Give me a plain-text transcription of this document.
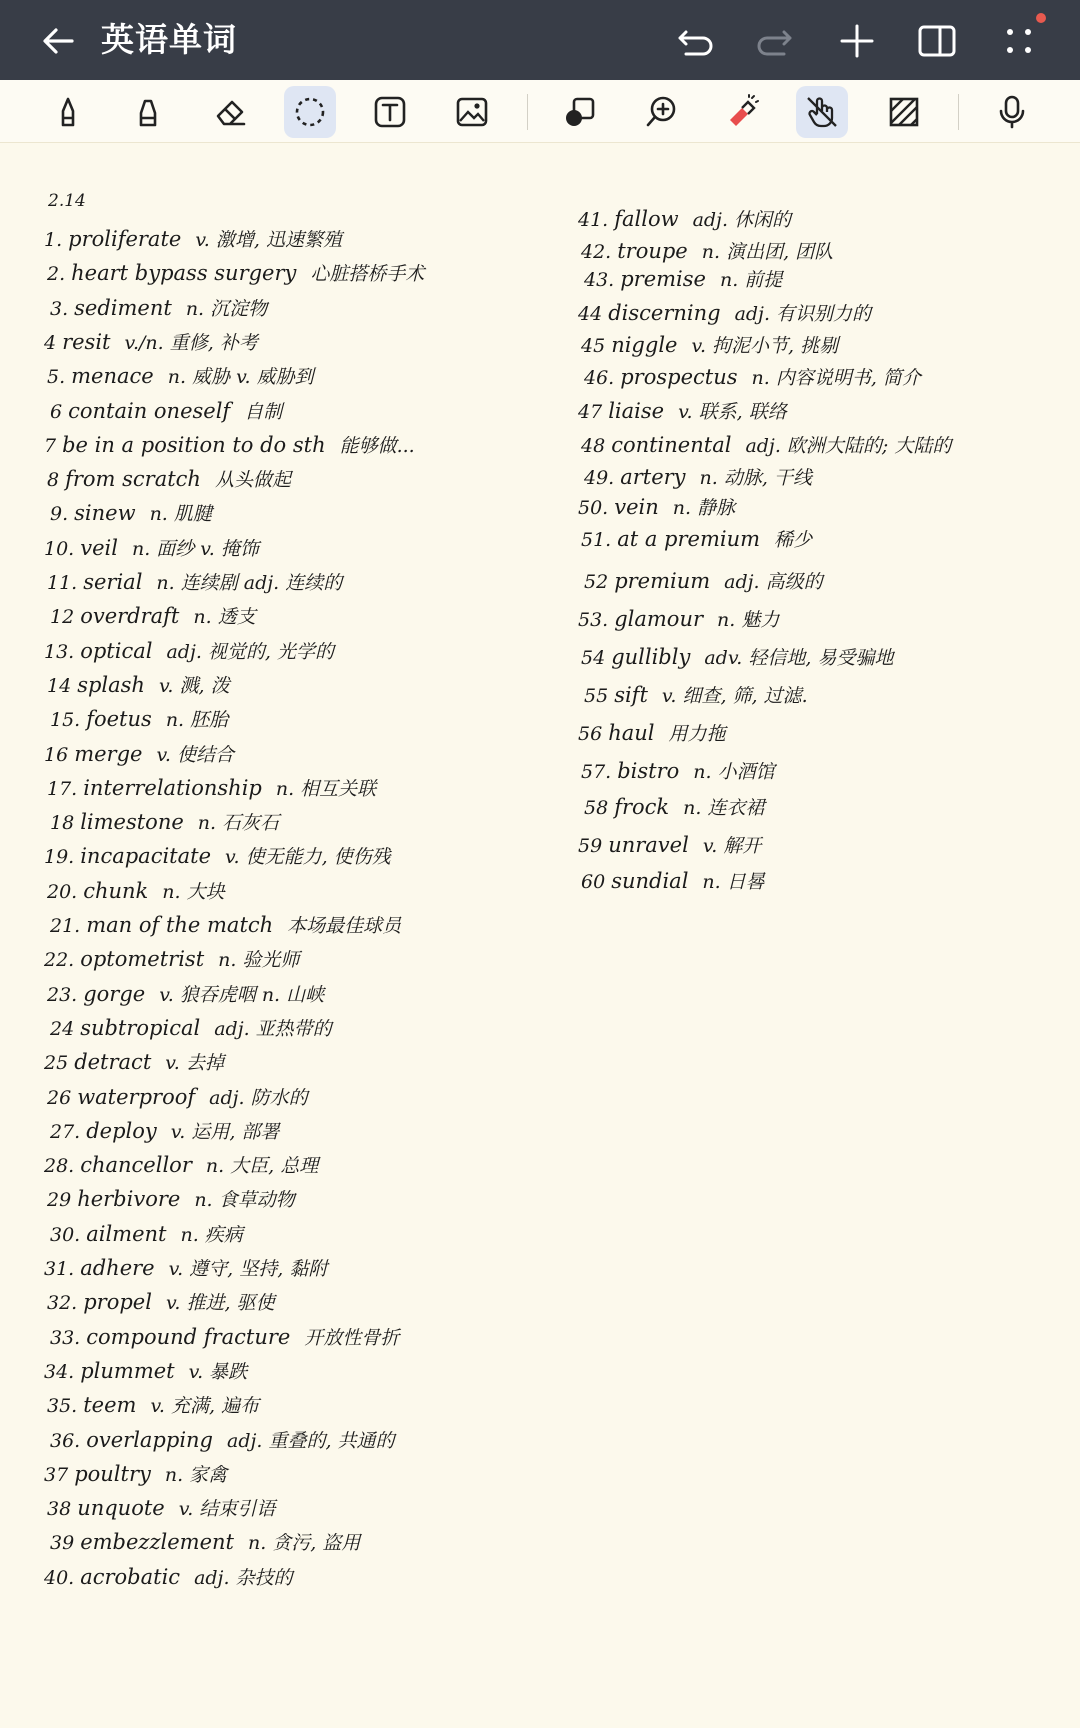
英语单词
2.14
1. proliferate v. 激增, 迅速繁殖
2. heart bypass surgery 心脏搭桥手术
3. sediment n. 沉淀物
4 resit v./n. 重修, 补考
5. menace n. 威胁 v. 威胁到
6 contain oneself 自制
7 be in a position to do sth 能够做...
8 from scratch 从头做起
9. sinew n. 肌腱
10. veil n. 面纱 v. 掩饰
11. serial n. 连续剧 adj. 连续的
12 overdraft n. 透支
13. optical adj. 视觉的, 光学的
14 splash v. 溅, 泼
15. foetus n. 胚胎
16 merge v. 使结合
17. interrelationship n. 相互关联
18 limestone n. 石灰石
19. incapacitate v. 使无能力, 使伤残
20. chunk n. 大块
21. man of the match 本场最佳球员
22. optometrist n. 验光师
23. gorge v. 狼吞虎咽 n. 山峡
24 subtropical adj. 亚热带的
25 detract v. 去掉
26 waterproof adj. 防水的
27. deploy v. 运用, 部署
28. chancellor n. 大臣, 总理
29 herbivore n. 食草动物
30. ailment n. 疾病
31. adhere v. 遵守, 坚持, 黏附
32. propel v. 推进, 驱使
33. compound fracture 开放性骨折
34. plummet v. 暴跌
35. teem v. 充满, 遍布
36. overlapping adj. 重叠的, 共通的
37 poultry n. 家禽
38 unquote v. 结束引语
39 embezzlement n. 贪污, 盗用
40. acrobatic adj. 杂技的
41. fallow adj. 休闲的
42. troupe n. 演出团, 团队
43. premise n. 前提
44 discerning adj. 有识别力的
45 niggle v. 拘泥小节, 挑剔
46. prospectus n. 内容说明书, 简介
47 liaise v. 联系, 联络
48 continental adj. 欧洲大陆的; 大陆的
49. artery n. 动脉, 干线
50. vein n. 静脉
51. at a premium 稀少
52 premium adj. 高级的
53. glamour n. 魅力
54 gullibly adv. 轻信地, 易受骗地
55 sift v. 细查, 筛, 过滤.
56 haul 用力拖
57. bistro n. 小酒馆
58 frock n. 连衣裙
59 unravel v. 解开
60 sundial n. 日晷
